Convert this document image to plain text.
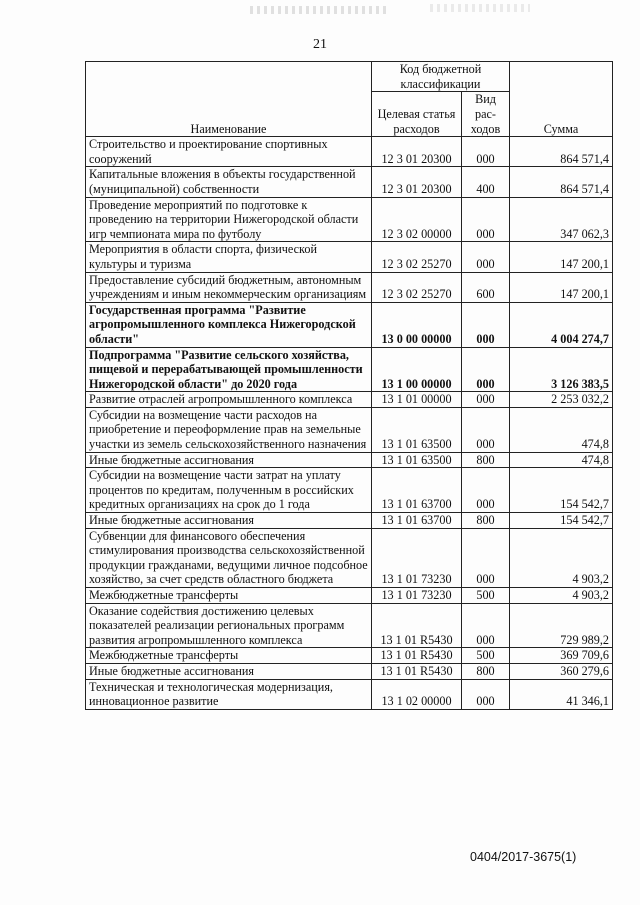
21
Наименование	Код бюджетной классификации		Сумма
	Целевая статья расходов	Вид рас-ходов	
Строительство и проектирование спортивных сооружений	12 3 01 20300	000	864 571,4
Капитальные вложения в объекты государственной (муниципальной) собственности	12 3 01 20300	400	864 571,4
Проведение мероприятий по подготовке к проведению на территории Нижегородской области игр чемпионата мира по футболу	12 3 02 00000	000	347 062,3
Мероприятия в области спорта, физической культуры и туризма	12 3 02 25270	000	147 200,1
Предоставление субсидий бюджетным, автономным учреждениям и иным некоммерческим организациям	12 3 02 25270	600	147 200,1
Государственная программа "Развитие агропромышленного комплекса Нижегородской области"	13 0 00 00000	000	4 004 274,7
Подпрограмма "Развитие сельского хозяйства, пищевой и перерабатывающей промышленности Нижегородской области" до 2020 года	13 1 00 00000	000	3 126 383,5
Развитие отраслей агропромышленного комплекса	13 1 01 00000	000	2 253 032,2
Субсидии на возмещение части расходов на приобретение и переоформление прав на земельные участки из земель сельскохозяйственного назначения	13 1 01 63500	000	474,8
Иные бюджетные ассигнования	13 1 01 63500	800	474,8
Субсидии на возмещение части затрат на уплату процентов по кредитам, полученным в российских кредитных организациях на срок до 1 года	13 1 01 63700	000	154 542,7
Иные бюджетные ассигнования	13 1 01 63700	800	154 542,7
Субвенции для финансового обеспечения стимулирования производства сельскохозяйственной продукции гражданами, ведущими личное подсобное хозяйство, за счет средств областного бюджета	13 1 01 73230	000	4 903,2
Межбюджетные трансферты	13 1 01 73230	500	4 903,2
Оказание содействия достижению целевых показателей реализации региональных программ развития агропромышленного комплекса	13 1 01 R5430	000	729 989,2
Межбюджетные трансферты	13 1 01 R5430	500	369 709,6
Иные бюджетные ассигнования	13 1 01 R5430	800	360 279,6
Техническая и технологическая модернизация, инновационное развитие	13 1 02 00000	000	41 346,1
0404/2017-3675(1)
